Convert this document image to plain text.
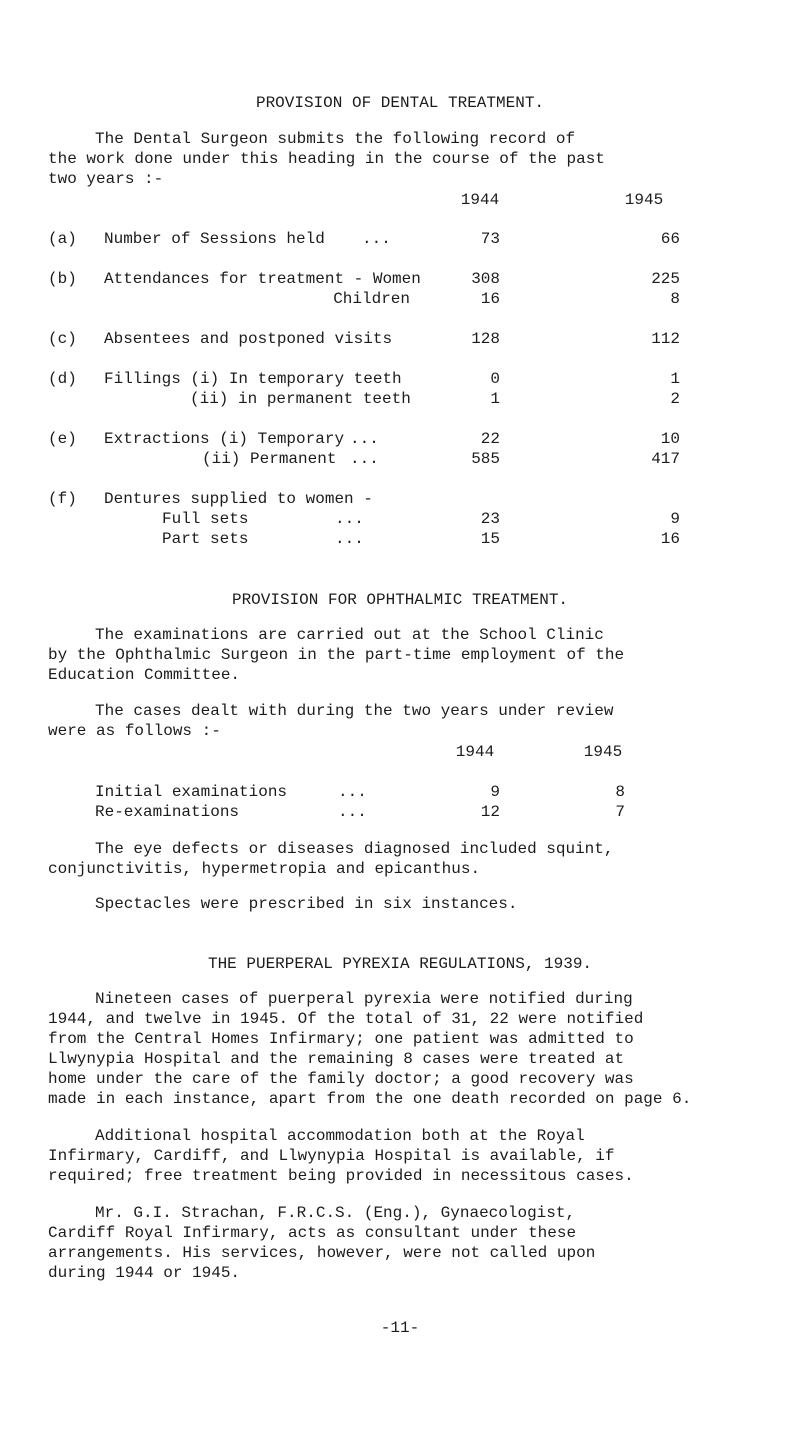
PROVISION OF DENTAL TREATMENT.
The Dental Surgeon submits the following record of
the work done under this heading in the course of the past
two years :-
1944	1945
(a) Number of Sessions held ...	73	66
(b) Attendances for treatment - Women	308	225
Children	16	8
(c) Absentees and postponed visits	128	112
(d) Fillings (i) In temporary teeth	0	1
(ii) in permanent teeth	1	2
(e) Extractions (i) Temporary ...	22	10
(ii) Permanent ...	585	417
(f) Dentures supplied to women -
Full sets	...	23	9
Part sets	...	15	16
PROVISION FOR OPHTHALMIC TREATMENT.
The examinations are carried out at the School Clinic
by the Ophthalmic Surgeon in the part-time employment of the
Education Committee.
The cases dealt with during the two years under review
were as follows :-
1944	1945
Initial examinations	...	9	8
Re-examinations	...	12	7
The eye defects or diseases diagnosed included squint,
conjunctivitis, hypermetropia and epicanthus.
Spectacles were prescribed in six instances.
THE PUERPERAL PYREXIA REGULATIONS, 1939.
Nineteen cases of puerperal pyrexia were notified during
1944, and twelve in 1945. Of the total of 31, 22 were notified
from the Central Homes Infirmary; one patient was admitted to
Llwynypia Hospital and the remaining 8 cases were treated at
home under the care of the family doctor; a good recovery was
made in each instance, apart from the one death recorded on page 6.
Additional hospital accommodation both at the Royal
Infirmary, Cardiff, and Llwynypia Hospital is available, if
required; free treatment being provided in necessitous cases.
Mr. G.I. Strachan, F.R.C.S. (Eng.), Gynaecologist,
Cardiff Royal Infirmary, acts as consultant under these
arrangements. His services, however, were not called upon
during 1944 or 1945.
-11-
